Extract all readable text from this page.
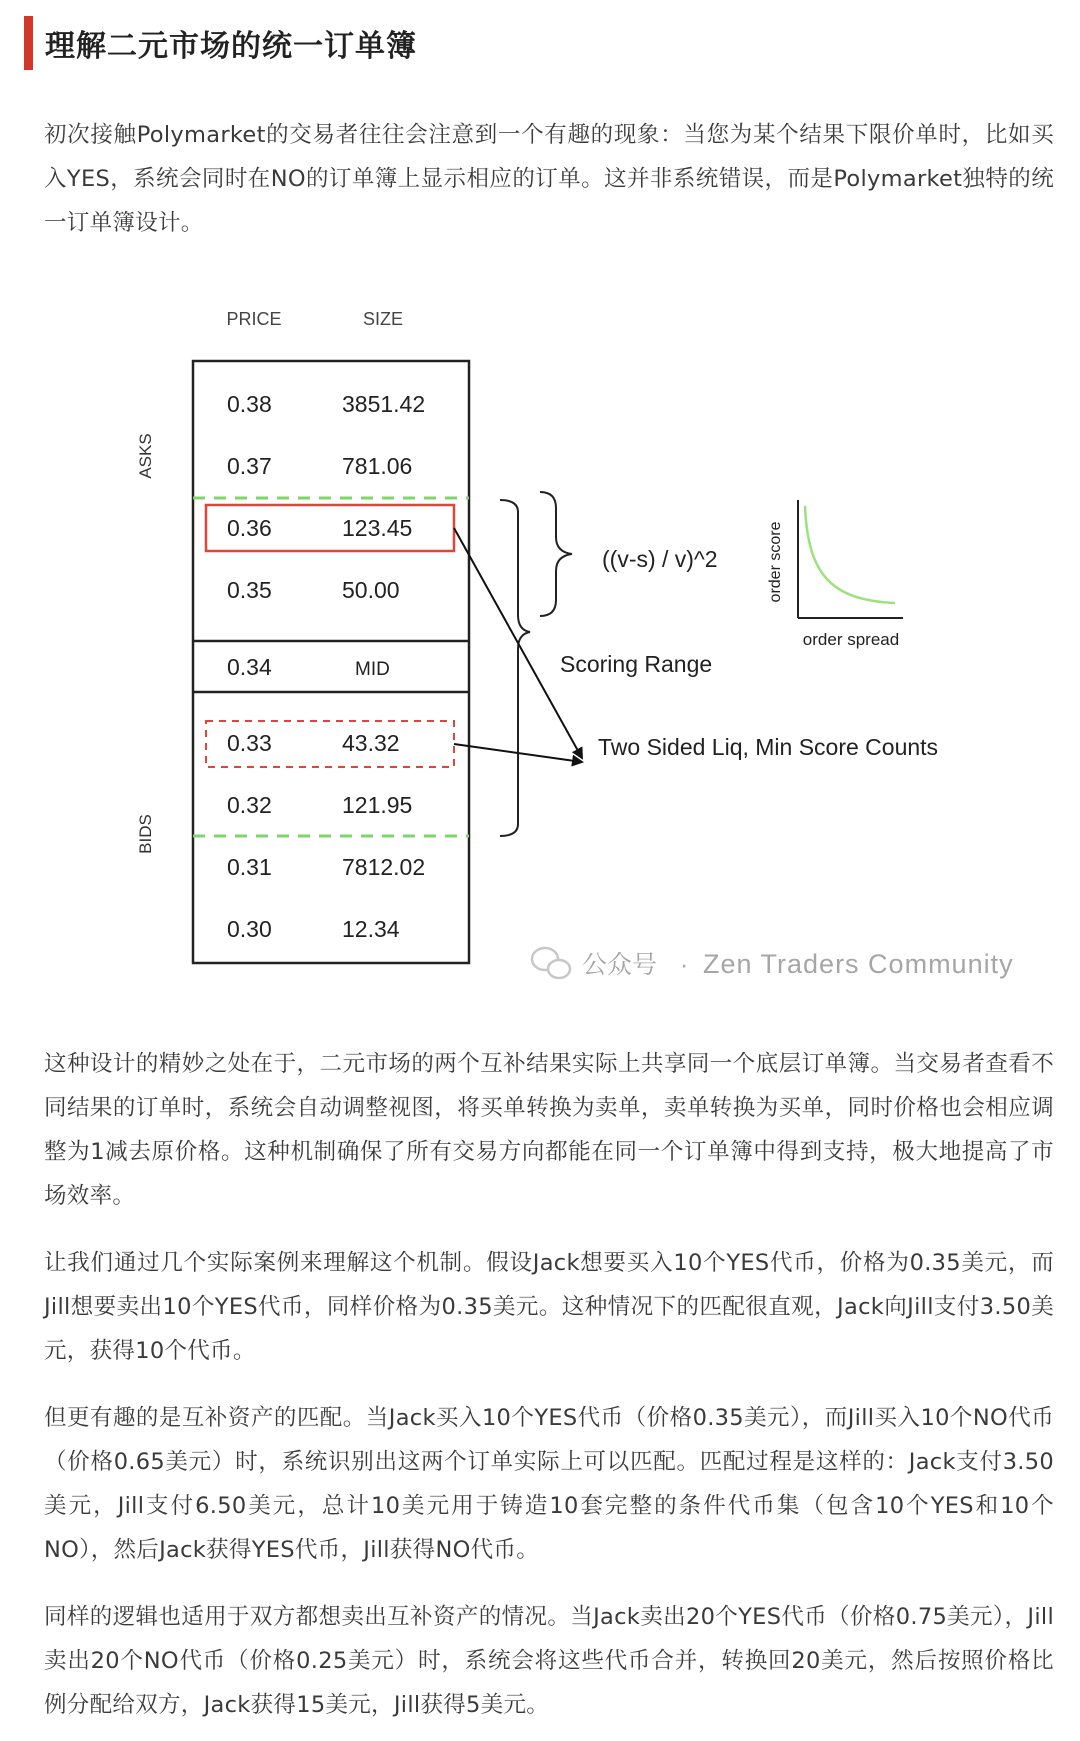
理解二元市场的统一订单簿

初次接触Polymarket的交易者往往会注意到一个有趣的现象：当您为某个结果下限价单时，比如买入YES，系统会同时在NO的订单簿上显示相应的订单。这并非系统错误，而是Polymarket独特的统一订单簿设计。

PRICE	SIZE
ASKS
BIDS
0.38	3851.42
0.37	781.06
0.36	123.45
0.35	50.00
0.34	MID
0.33	43.32
0.32	121.95
0.31	7812.02
0.30	12.34
((v-s) / v)^2
Scoring Range
Two Sided Liq, Min Score Counts
order score
order spread
公众号 · Zen Traders Community

这种设计的精妙之处在于，二元市场的两个互补结果实际上共享同一个底层订单簿。当交易者查看不同结果的订单时，系统会自动调整视图，将买单转换为卖单，卖单转换为买单，同时价格也会相应调整为1减去原价格。这种机制确保了所有交易方向都能在同一个订单簿中得到支持，极大地提高了市场效率。

让我们通过几个实际案例来理解这个机制。假设Jack想要买入10个YES代币，价格为0.35美元，而Jill想要卖出10个YES代币，同样价格为0.35美元。这种情况下的匹配很直观，Jack向Jill支付3.50美元，获得10个代币。

但更有趣的是互补资产的匹配。当Jack买入10个YES代币（价格0.35美元），而Jill买入10个NO代币（价格0.65美元）时，系统识别出这两个订单实际上可以匹配。匹配过程是这样的：Jack支付3.50美元，Jill支付6.50美元，总计10美元用于铸造10套完整的条件代币集（包含10个YES和10个NO），然后Jack获得YES代币，Jill获得NO代币。

同样的逻辑也适用于双方都想卖出互补资产的情况。当Jack卖出20个YES代币（价格0.75美元），Jill卖出20个NO代币（价格0.25美元）时，系统会将这些代币合并，转换回20美元，然后按照价格比例分配给双方，Jack获得15美元，Jill获得5美元。
